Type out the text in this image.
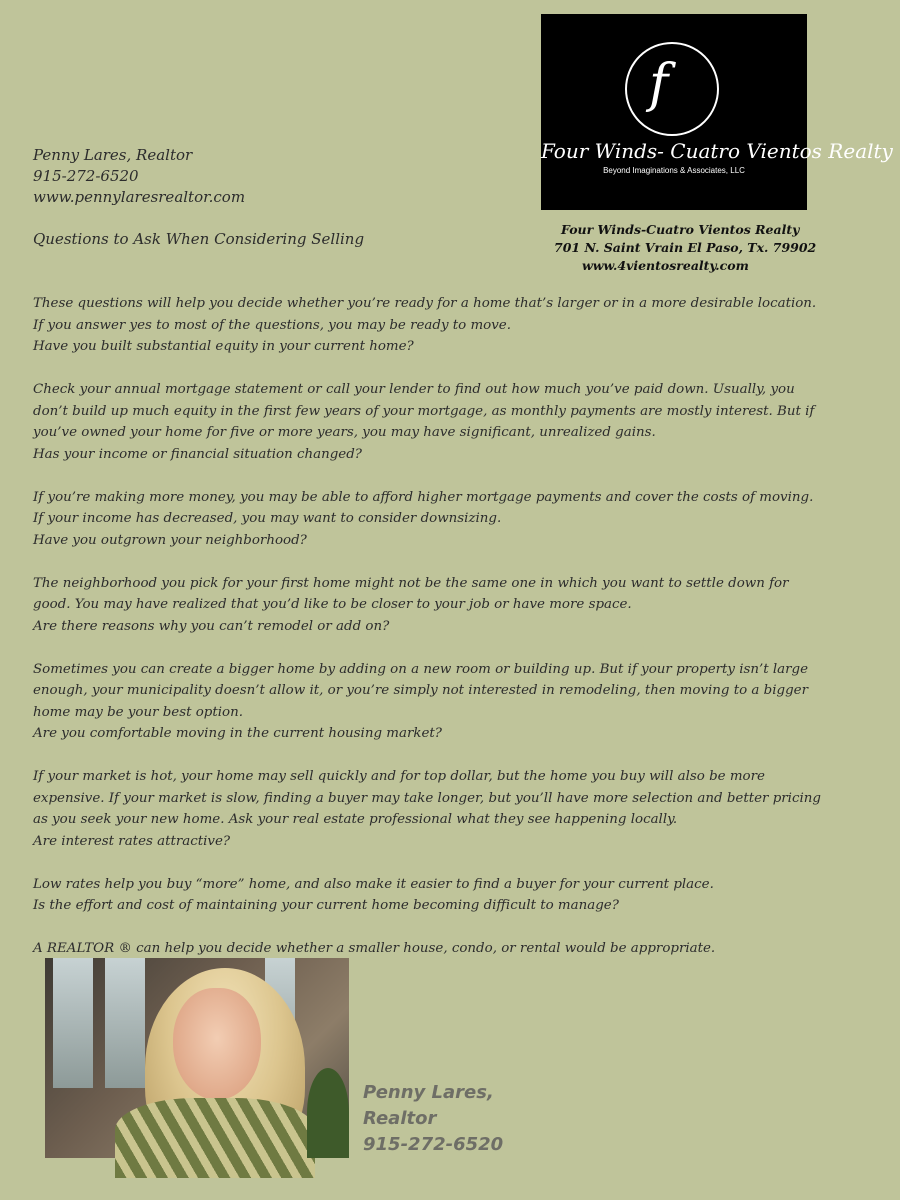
Penny Lares, Realtor
915-272-6520
www.pennylaresrealtor.com
Questions to Ask When Considering Selling
f
Four Winds- Cuatro Vientos Realty
Beyond Imaginations & Associates, LLC
Four Winds-Cuatro Vientos Realty
701 N. Saint Vrain El Paso, Tx. 79902
www.4vientosrealty.com

These questions will help you decide whether you’re ready for a home that’s larger or in a more desirable location. If you answer yes to most of the questions, you may be ready to move.

Have you built substantial equity in your current home?

Check your annual mortgage statement or call your lender to find out how much you’ve paid down. Usually, you don’t build up much equity in the first few years of your mortgage, as monthly payments are mostly interest. But if you’ve owned your home for five or more years, you may have significant, unrealized gains.

Has your income or financial situation changed?

If you’re making more money, you may be able to afford higher mortgage payments and cover the costs of moving. If your income has decreased, you may want to consider downsizing.

Have you outgrown your neighborhood?

The neighborhood you pick for your first home might not be the same one in which you want to settle down for good. You may have realized that you’d like to be closer to your job or have more space.

Are there reasons why you can’t remodel or add on?

Sometimes you can create a bigger home by adding on a new room or building up. But if your property isn’t large enough, your municipality doesn’t allow it, or you’re simply not interested in remodeling, then moving to a bigger home may be your best option.

Are you comfortable moving in the current housing market?

If your market is hot, your home may sell quickly and for top dollar, but the home you buy will also be more expensive. If your market is slow, finding a buyer may take longer, but you’ll have more selection and better pricing as you seek your new home. Ask your real estate professional what they see happening locally.

Are interest rates attractive?

Low rates help you buy “more” home, and also make it easier to find a buyer for your current place.

Is the effort and cost of maintaining your current home becoming difficult to manage?

A REALTOR ® can help you decide whether a smaller house, condo, or rental would be appropriate.

Penny Lares,
Realtor
915-272-6520
